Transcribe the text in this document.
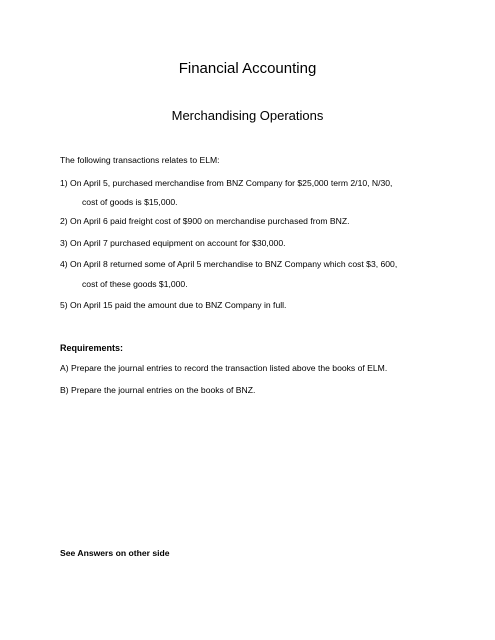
Financial Accounting
Merchandising Operations

The following transactions relates to ELM:

1) On April 5, purchased merchandise from BNZ Company for $25,000 term 2/10, N/30,

cost of goods is $15,000.

2) On April 6 paid freight cost of $900 on merchandise purchased from BNZ.

3) On April 7 purchased equipment on account for $30,000.

4) On April 8 returned some of April 5 merchandise to BNZ Company which cost $3, 600,

cost of these goods $1,000.

5) On April 15 paid the amount due to BNZ Company in full.

Requirements:

A) Prepare the journal entries to record the transaction listed above the books of ELM.

B) Prepare the journal entries on the books of BNZ.

See Answers on other side
